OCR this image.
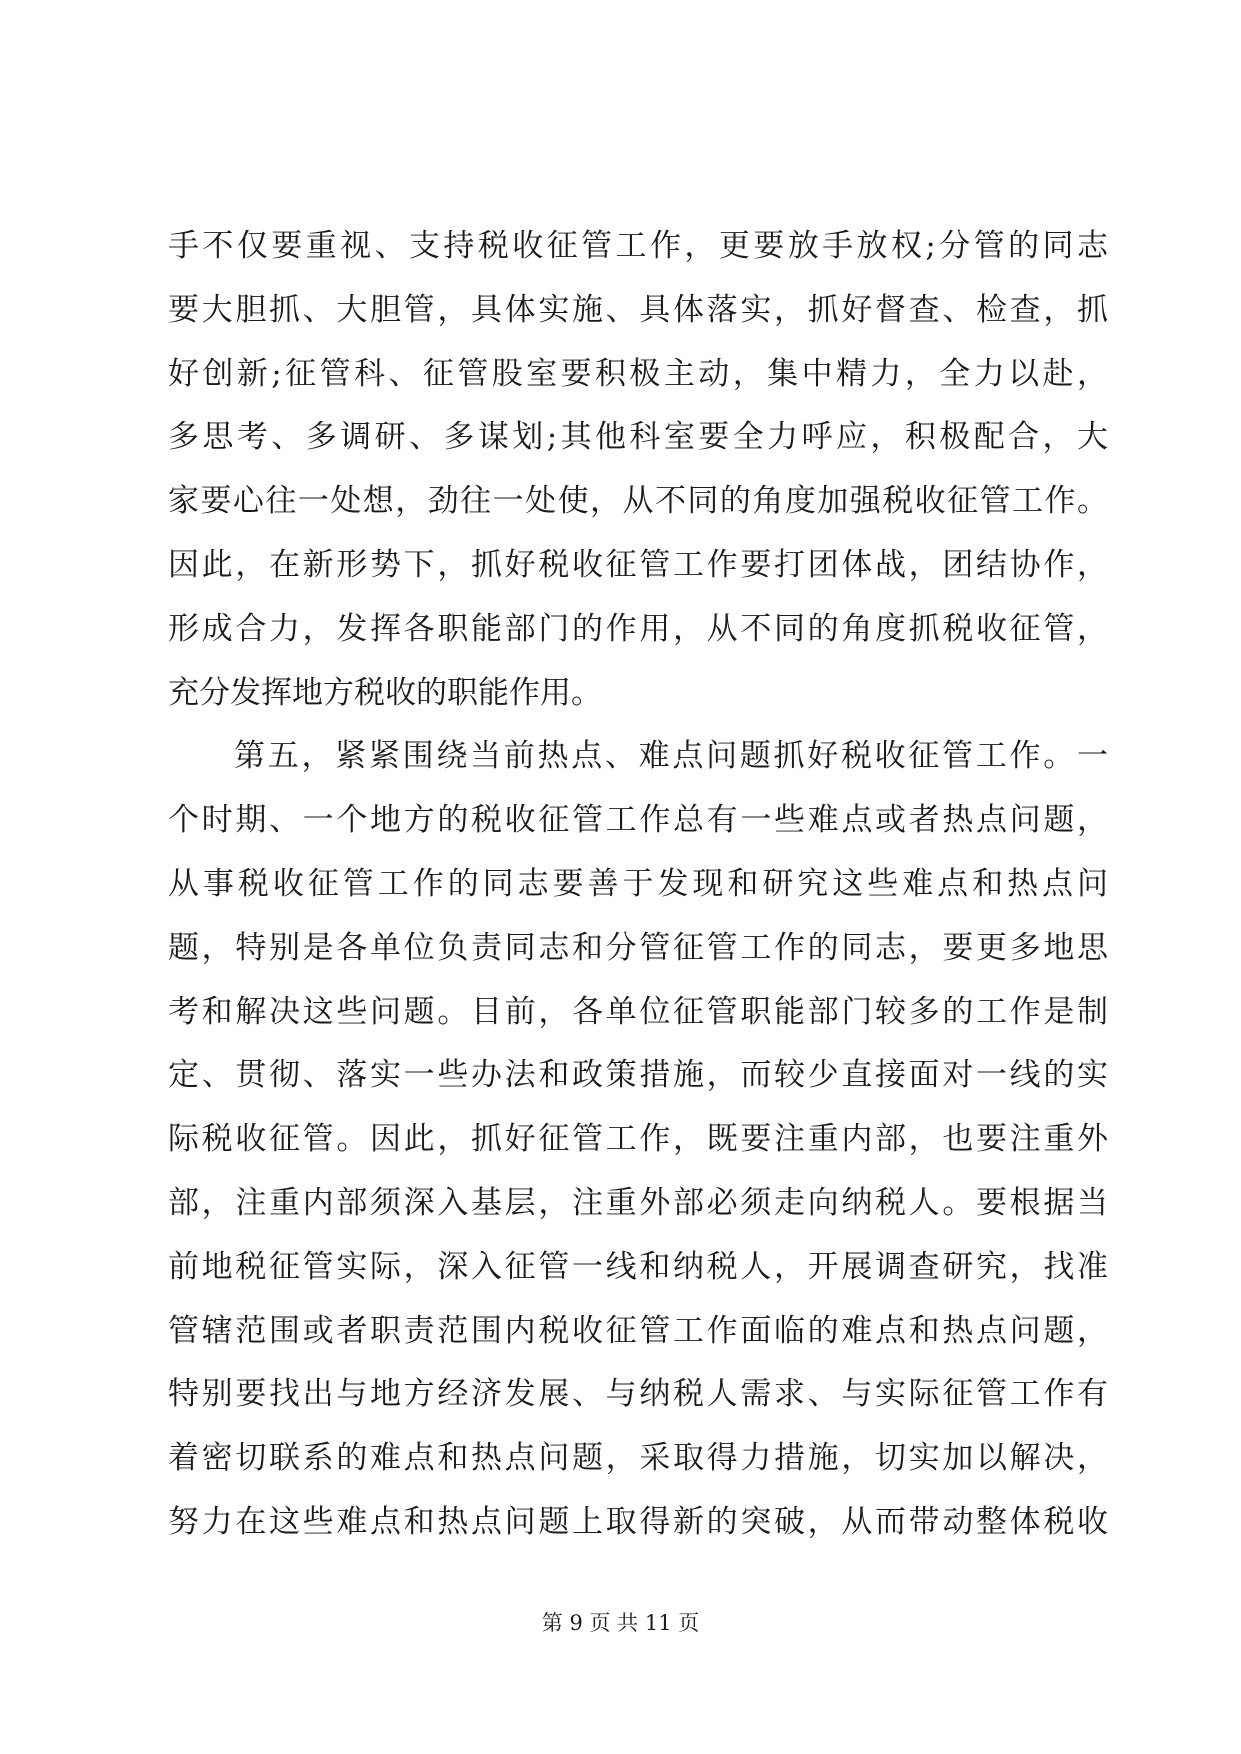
手不仅要重视、支持税收征管工作，更要放手放权;分管的同志
要大胆抓、大胆管，具体实施、具体落实，抓好督查、检查，抓
好创新;征管科、征管股室要积极主动，集中精力，全力以赴，
多思考、多调研、多谋划;其他科室要全力呼应，积极配合，大
家要心往一处想，劲往一处使，从不同的角度加强税收征管工作。
因此，在新形势下，抓好税收征管工作要打团体战，团结协作，
形成合力，发挥各职能部门的作用，从不同的角度抓税收征管，
充分发挥地方税收的职能作用。
第五，紧紧围绕当前热点、难点问题抓好税收征管工作。一
个时期、一个地方的税收征管工作总有一些难点或者热点问题，
从事税收征管工作的同志要善于发现和研究这些难点和热点问
题，特别是各单位负责同志和分管征管工作的同志，要更多地思
考和解决这些问题。目前，各单位征管职能部门较多的工作是制
定、贯彻、落实一些办法和政策措施，而较少直接面对一线的实
际税收征管。因此，抓好征管工作，既要注重内部，也要注重外
部，注重内部须深入基层，注重外部必须走向纳税人。要根据当
前地税征管实际，深入征管一线和纳税人，开展调查研究，找准
管辖范围或者职责范围内税收征管工作面临的难点和热点问题，
特别要找出与地方经济发展、与纳税人需求、与实际征管工作有
着密切联系的难点和热点问题，采取得力措施，切实加以解决，
努力在这些难点和热点问题上取得新的突破，从而带动整体税收
第 9 页 共 11 页
